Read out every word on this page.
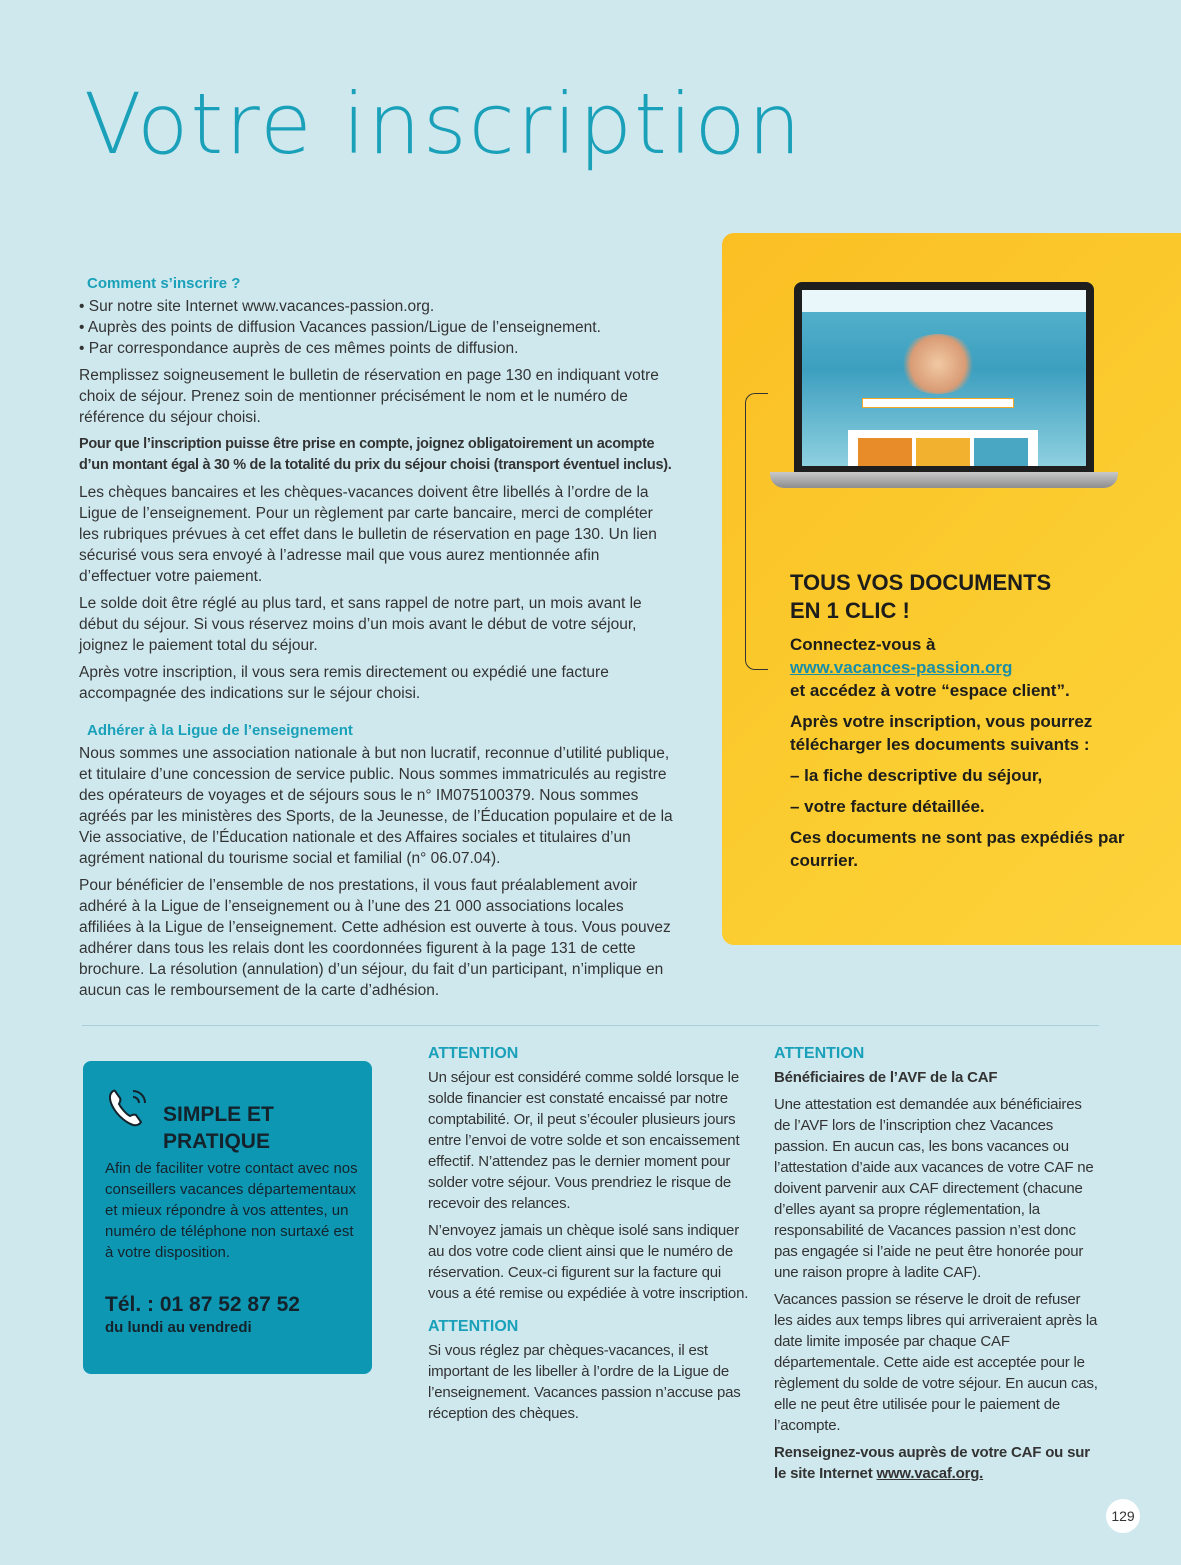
Votre inscription
Comment s’inscrire ?
• Sur notre site Internet www.vacances-passion.org.
• Auprès des points de diffusion Vacances passion/Ligue de l’enseignement.
• Par correspondance auprès de ces mêmes points de diffusion.

Remplissez soigneusement le bulletin de réservation en page 130 en indiquant votre choix de séjour. Prenez soin de mentionner précisément le nom et le numéro de référence du séjour choisi.

Pour que l’inscription puisse être prise en compte, joignez obligatoirement un acompte d’un montant égal à 30 % de la totalité du prix du séjour choisi (transport éventuel inclus).

Les chèques bancaires et les chèques-vacances doivent être libellés à l’ordre de la Ligue de l’enseignement. Pour un règlement par carte bancaire, merci de compléter les rubriques prévues à cet effet dans le bulletin de réservation en page 130. Un lien sécurisé vous sera envoyé à l’adresse mail que vous aurez mentionnée afin d’effectuer votre paiement.

Le solde doit être réglé au plus tard, et sans rappel de notre part, un mois avant le début du séjour. Si vous réservez moins d’un mois avant le début de votre séjour, joignez le paiement total du séjour.

Après votre inscription, il vous sera remis directement ou expédié une facture accompagnée des indications sur le séjour choisi.

Adhérer à la Ligue de l’enseignement

Nous sommes une association nationale à but non lucratif, reconnue d’utilité publique, et titulaire d’une concession de service public. Nous sommes immatriculés au registre des opérateurs de voyages et de séjours sous le n° IM075100379. Nous sommes agréés par les ministères des Sports, de la Jeunesse, de l’Éducation populaire et de la Vie associative, de l’Éducation nationale et des Affaires sociales et titulaires d’un agrément national du tourisme social et familial (n° 06.07.04).

Pour bénéficier de l’ensemble de nos prestations, il vous faut préalablement avoir adhéré à la Ligue de l’enseignement ou à l’une des 21 000 associations locales affiliées à la Ligue de l’enseignement. Cette adhésion est ouverte à tous. Vous pouvez adhérer dans tous les relais dont les coordonnées figurent à la page 131 de cette brochure. La résolution (annulation) d’un séjour, du fait d’un participant, n’implique en aucun cas le remboursement de la carte d’adhésion.

TOUS VOS DOCUMENTS
EN 1 CLIC !

Connectez-vous à
www.vacances-passion.org
et accédez à votre “espace client”.

Après votre inscription, vous pourrez télécharger les documents suivants :

– la fiche descriptive du séjour,

– votre facture détaillée.

Ces documents ne sont pas expédiés par courrier.

SIMPLE ET
PRATIQUE

Afin de faciliter votre contact avec nos conseillers vacances départementaux et mieux répondre à vos attentes, un numéro de téléphone non surtaxé est à votre disposition.

Tél. : 01 87 52 87 52

du lundi au vendredi

ATTENTION

Un séjour est considéré comme soldé lorsque le solde financier est constaté encaissé par notre comptabilité. Or, il peut s’écouler plusieurs jours entre l’envoi de votre solde et son encaissement effectif. N’attendez pas le dernier moment pour solder votre séjour. Vous prendriez le risque de recevoir des relances.

N’envoyez jamais un chèque isolé sans indiquer au dos votre code client ainsi que le numéro de réservation. Ceux-ci figurent sur la facture qui vous a été remise ou expédiée à votre inscription.

ATTENTION

Si vous réglez par chèques-vacances, il est important de les libeller à l’ordre de la Ligue de l’enseignement. Vacances passion n’accuse pas réception des chèques.

ATTENTION

Bénéficiaires de l’AVF de la CAF

Une attestation est demandée aux bénéficiaires de l’AVF lors de l’inscription chez Vacances passion. En aucun cas, les bons vacances ou l’attestation d’aide aux vacances de votre CAF ne doivent parvenir aux CAF directement (chacune d’elles ayant sa propre réglementation, la responsabilité de Vacances passion n’est donc pas engagée si l’aide ne peut être honorée pour une raison propre à ladite CAF).

Vacances passion se réserve le droit de refuser les aides aux temps libres qui arriveraient après la date limite imposée par chaque CAF départementale. Cette aide est acceptée pour le règlement du solde de votre séjour. En aucun cas, elle ne peut être utilisée pour le paiement de l’acompte.

Renseignez-vous auprès de votre CAF ou sur le site Internet www.vacaf.org.

129
